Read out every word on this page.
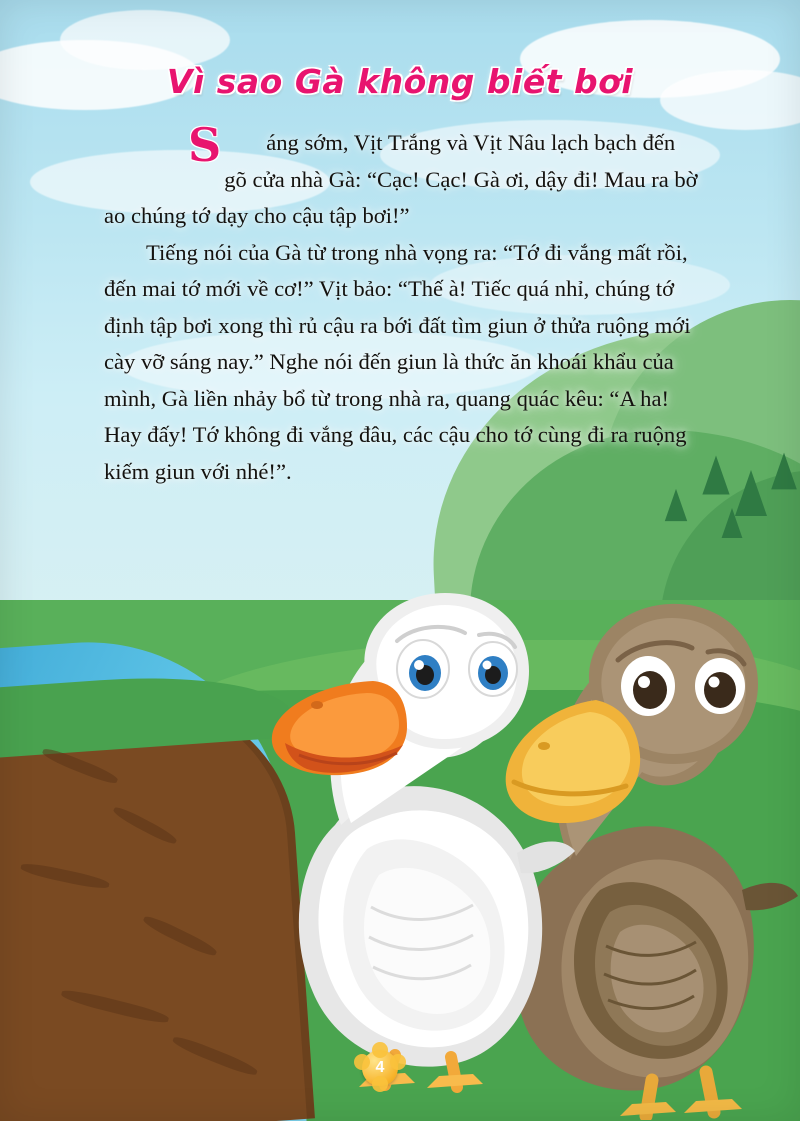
Vì sao Gà không biết bơi

S áng sớm, Vịt Trắng và Vịt Nâu lạch bạch đến gõ cửa nhà Gà: “Cạc! Cạc! Gà ơi, dậy đi! Mau ra bờ ao chúng tớ dạy cho cậu tập bơi!”

Tiếng nói của Gà từ trong nhà vọng ra: “Tớ đi vắng mất rồi, đến mai tớ mới về cơ!” Vịt bảo: “Thế à! Tiếc quá nhỉ, chúng tớ định tập bơi xong thì rủ cậu ra bới đất tìm giun ở thửa ruộng mới cày vỡ sáng nay.” Nghe nói đến giun là thức ăn khoái khẩu của mình, Gà liền nhảy bổ từ trong nhà ra, quang quác kêu: “A ha! Hay đấy! Tớ không đi vắng đâu, các cậu cho tớ cùng đi ra ruộng kiếm giun với nhé!”.

4
